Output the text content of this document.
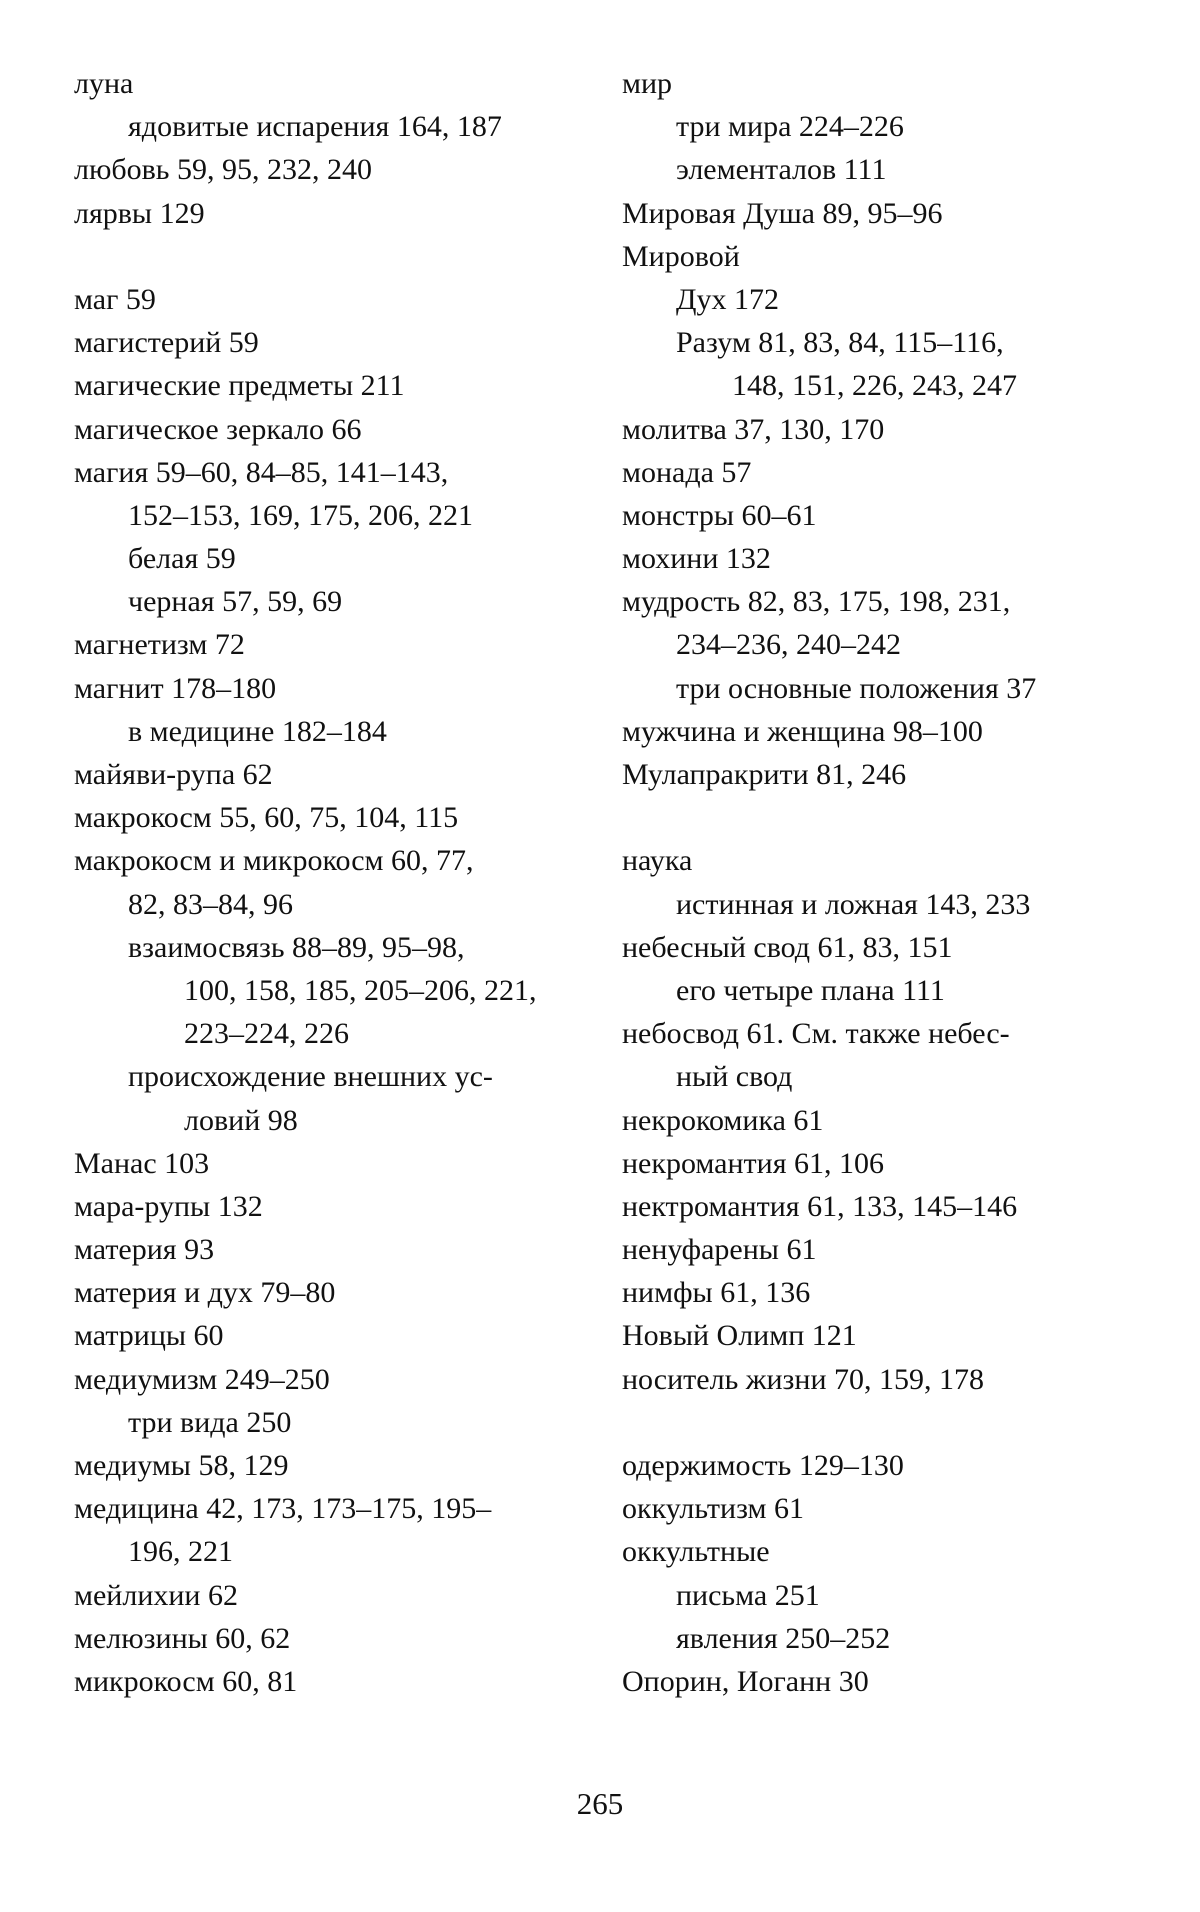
луна
ядовитые испарения 164, 187
любовь 59, 95, 232, 240
лярвы 129
маг 59
магистерий 59
магические предметы 211
магическое зеркало 66
магия 59–60, 84–85, 141–143,
152–153, 169, 175, 206, 221
белая 59
черная 57, 59, 69
магнетизм 72
магнит 178–180
в медицине 182–184
майяви-рупа 62
макрокосм 55, 60, 75, 104, 115
макрокосм и микрокосм 60, 77,
82, 83–84, 96
взаимосвязь 88–89, 95–98,
100, 158, 185, 205–206, 221,
223–224, 226
происхождение внешних ус-
ловий 98
Манас 103
мара-рупы 132
материя 93
материя и дух 79–80
матрицы 60
медиумизм 249–250
три вида 250
медиумы 58, 129
медицина 42, 173, 173–175, 195–
196, 221
мейлихии 62
мелюзины 60, 62
микрокосм 60, 81
мир
три мира 224–226
элементалов 111
Мировая Душа 89, 95–96
Мировой
Дух 172
Разум 81, 83, 84, 115–116,
148, 151, 226, 243, 247
молитва 37, 130, 170
монада 57
монстры 60–61
мохини 132
мудрость 82, 83, 175, 198, 231,
234–236, 240–242
три основные положения 37
мужчина и женщина 98–100
Мулапракрити 81, 246
наука
истинная и ложная 143, 233
небесный свод 61, 83, 151
его четыре плана 111
небосвод 61. См. также небес-
ный свод
некрокомика 61
некромантия 61, 106
нектромантия 61, 133, 145–146
ненуфарены 61
нимфы 61, 136
Новый Олимп 121
носитель жизни 70, 159, 178
одержимость 129–130
оккультизм 61
оккультные
письма 251
явления 250–252
Опорин, Иоганн 30
265
